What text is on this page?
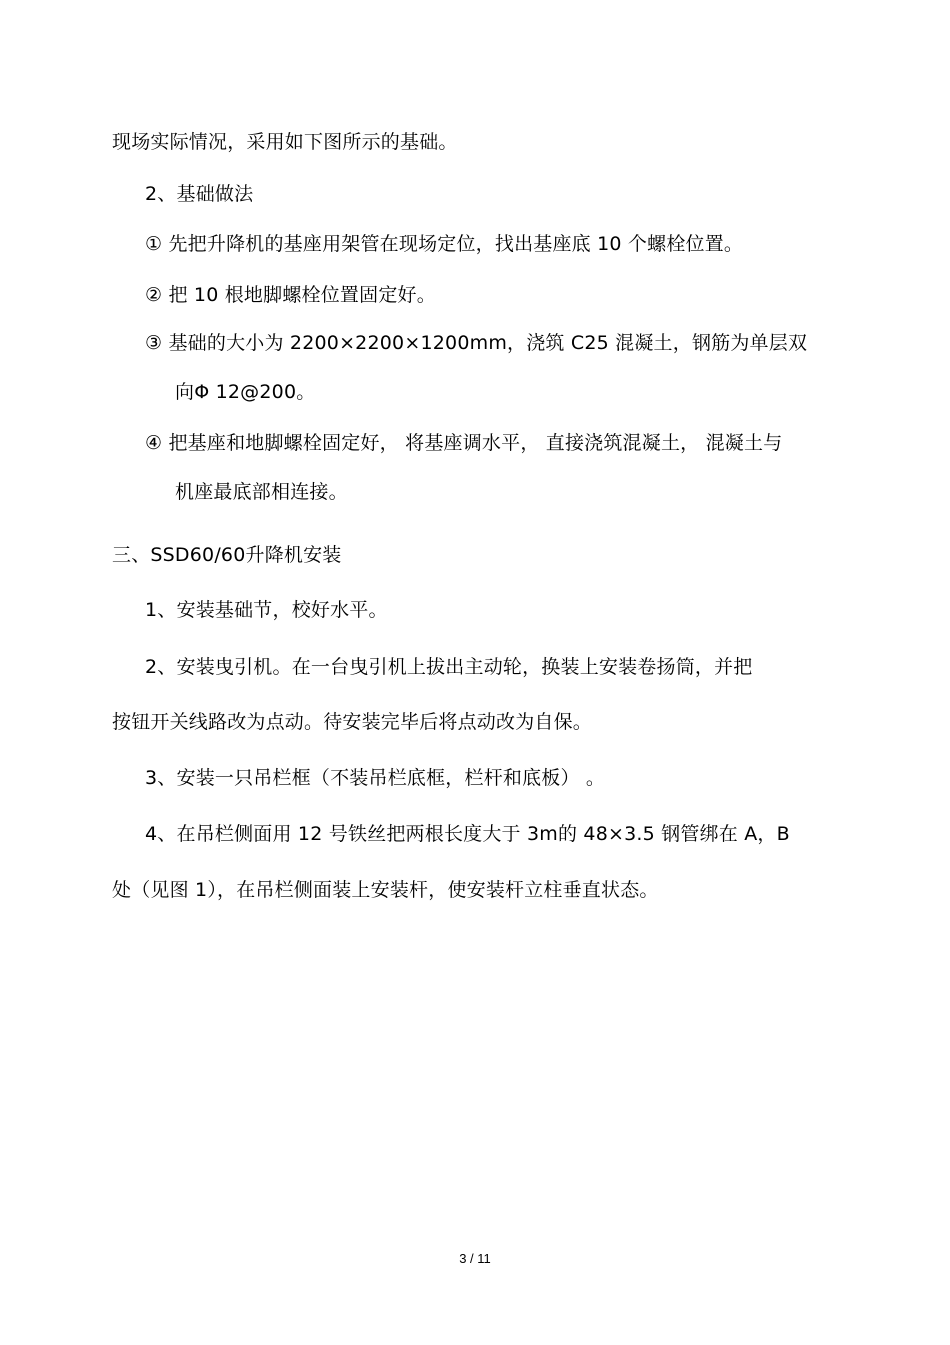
现场实际情况，采用如下图所示的基础。
2、基础做法
① 先把升降机的基座用架管在现场定位，找出基座底 10 个螺栓位置。
② 把 10 根地脚螺栓位置固定好。
③ 基础的大小为 2200×2200×1200mm，浇筑 C25 混凝土，钢筋为单层双
向Φ 12@200。
④ 把基座和地脚螺栓固定好， 将基座调水平， 直接浇筑混凝土， 混凝土与
机座最底部相连接。
三、SSD60/60升降机安装
1、安装基础节，校好水平。
2、安装曳引机。在一台曳引机上拔出主动轮，换装上安装卷扬筒，并把
按钮开关线路改为点动。待安装完毕后将点动改为自保。
3、安装一只吊栏框（不装吊栏底框，栏杆和底板） 。
4、在吊栏侧面用 12 号铁丝把两根长度大于 3m的 48×3.5 钢管绑在 A，B
处（见图 1），在吊栏侧面装上安装杆，使安装杆立柱垂直状态。
3 / 11
